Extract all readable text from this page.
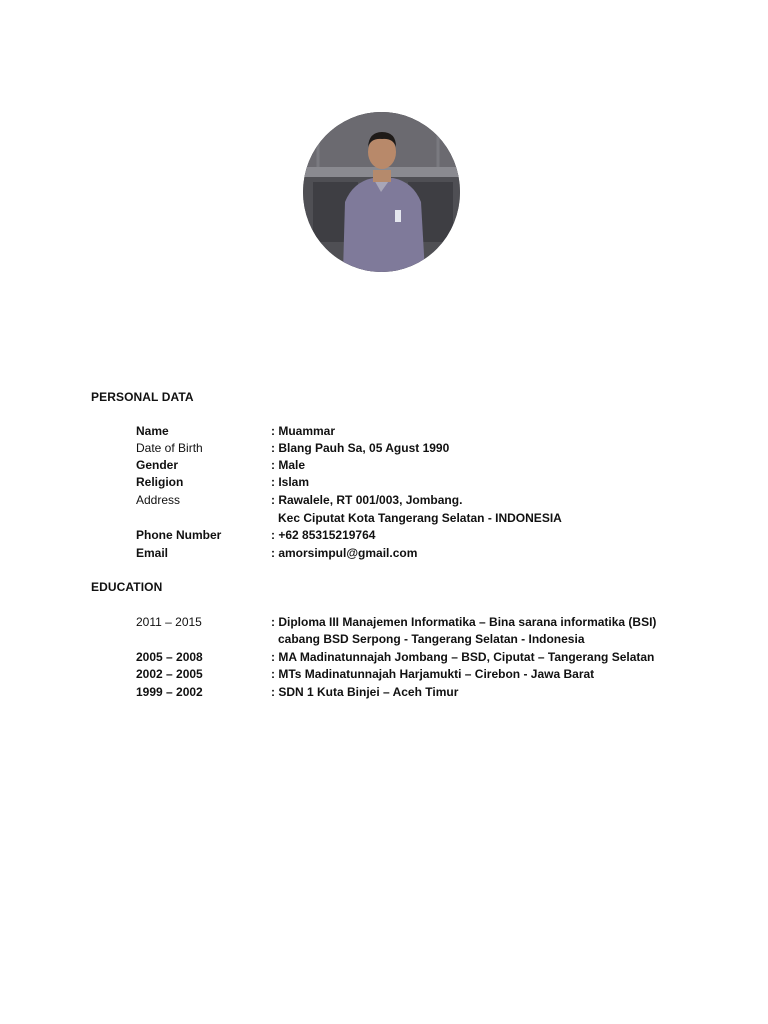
PERSONAL DATA
Name	: Muammar
Date of Birth	: Blang Pauh Sa, 05 Agust 1990
Gender	: Male
Religion	: Islam
Address	: Rawalele, RT 001/003, Jombang.
Kec Ciputat Kota Tangerang Selatan - INDONESIA
Phone Number	: +62 85315219764
Email	: amorsimpul@gmail.com
EDUCATION
2011 – 2015	: Diploma III Manajemen Informatika – Bina sarana informatika (BSI)
cabang BSD Serpong - Tangerang Selatan - Indonesia
2005 – 2008	: MA Madinatunnajah Jombang – BSD, Ciputat – Tangerang Selatan
2002 – 2005	: MTs Madinatunnajah Harjamukti – Cirebon - Jawa Barat
1999 – 2002	: SDN 1 Kuta Binjei – Aceh Timur
